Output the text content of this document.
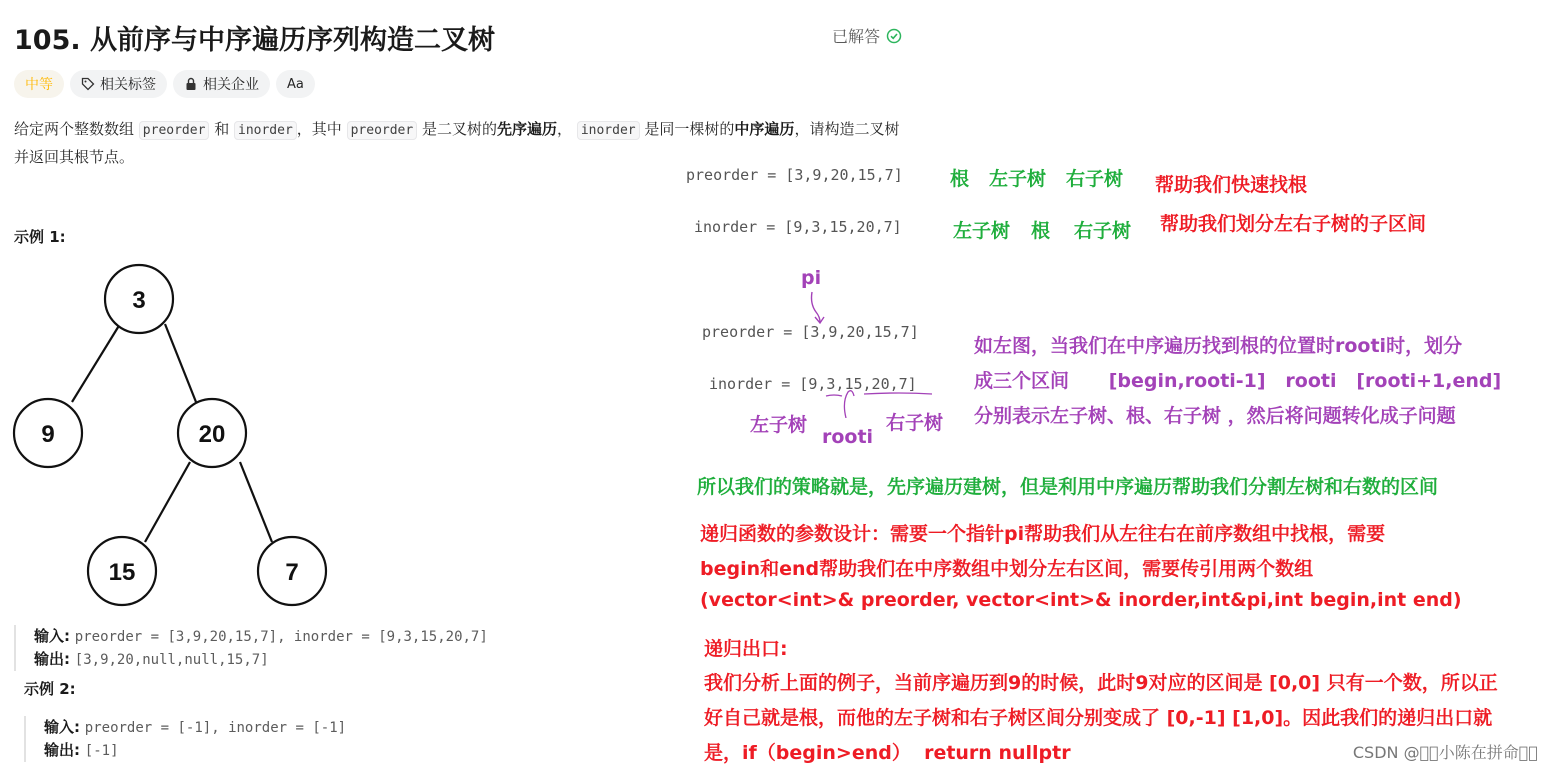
105. 从前序与中序遍历序列构造二叉树	已解答
中等	相关标签	相关企业 Aa
给定两个整数数组 preorder 和 inorder ，其中 preorder 是二叉树的先序遍历， inorder 是同一棵树的中序遍历，请构造二叉树并返回其根节点。
示例 1:
3
9	20
15	7
输入: preorder = [3,9,20,15,7], inorder = [9,3,15,20,7]
输出: [3,9,20,null,null,15,7]
示例 2:
输入: preorder = [-1], inorder = [-1]
输出: [-1]
preorder = [3,9,20,15,7] 根 左子树 右子树 帮助我们快速找根
inorder = [9,3,15,20,7]	左子树 根 右子树 帮助我们划分左右子树的子区间
pi
preorder = [3,9,20,15,7]
inorder = [9,3,15,20,7]
左子树
rooti
右子树
如左图，当我们在中序遍历找到根的位置时rooti时，划分
成三个区间      [begin,rooti-1]   rooti   [rooti+1,end]
分别表示左子树、根、右子树 ，然后将问题转化成子问题
所以我们的策略就是，先序遍历建树，但是利用中序遍历帮助我们分割左树和右数的区间
递归函数的参数设计：需要一个指针pi帮助我们从左往右在前序数组中找根，需要
begin和end帮助我们在中序数组中划分左右区间，需要传引用两个数组
(vector<int>& preorder, vector<int>& inorder,int&pi,int begin,int end)
递归出口:
我们分析上面的例子，当前序遍历到9的时候，此时9对应的区间是 [0,0] 只有一个数，所以正
好自己就是根，而他的左子树和右子树区间分别变成了 [0,-1] [1,0]。因此我们的递归出口就
是，if（begin>end）  return nullptr	CSDN @  小陈在拼命  
